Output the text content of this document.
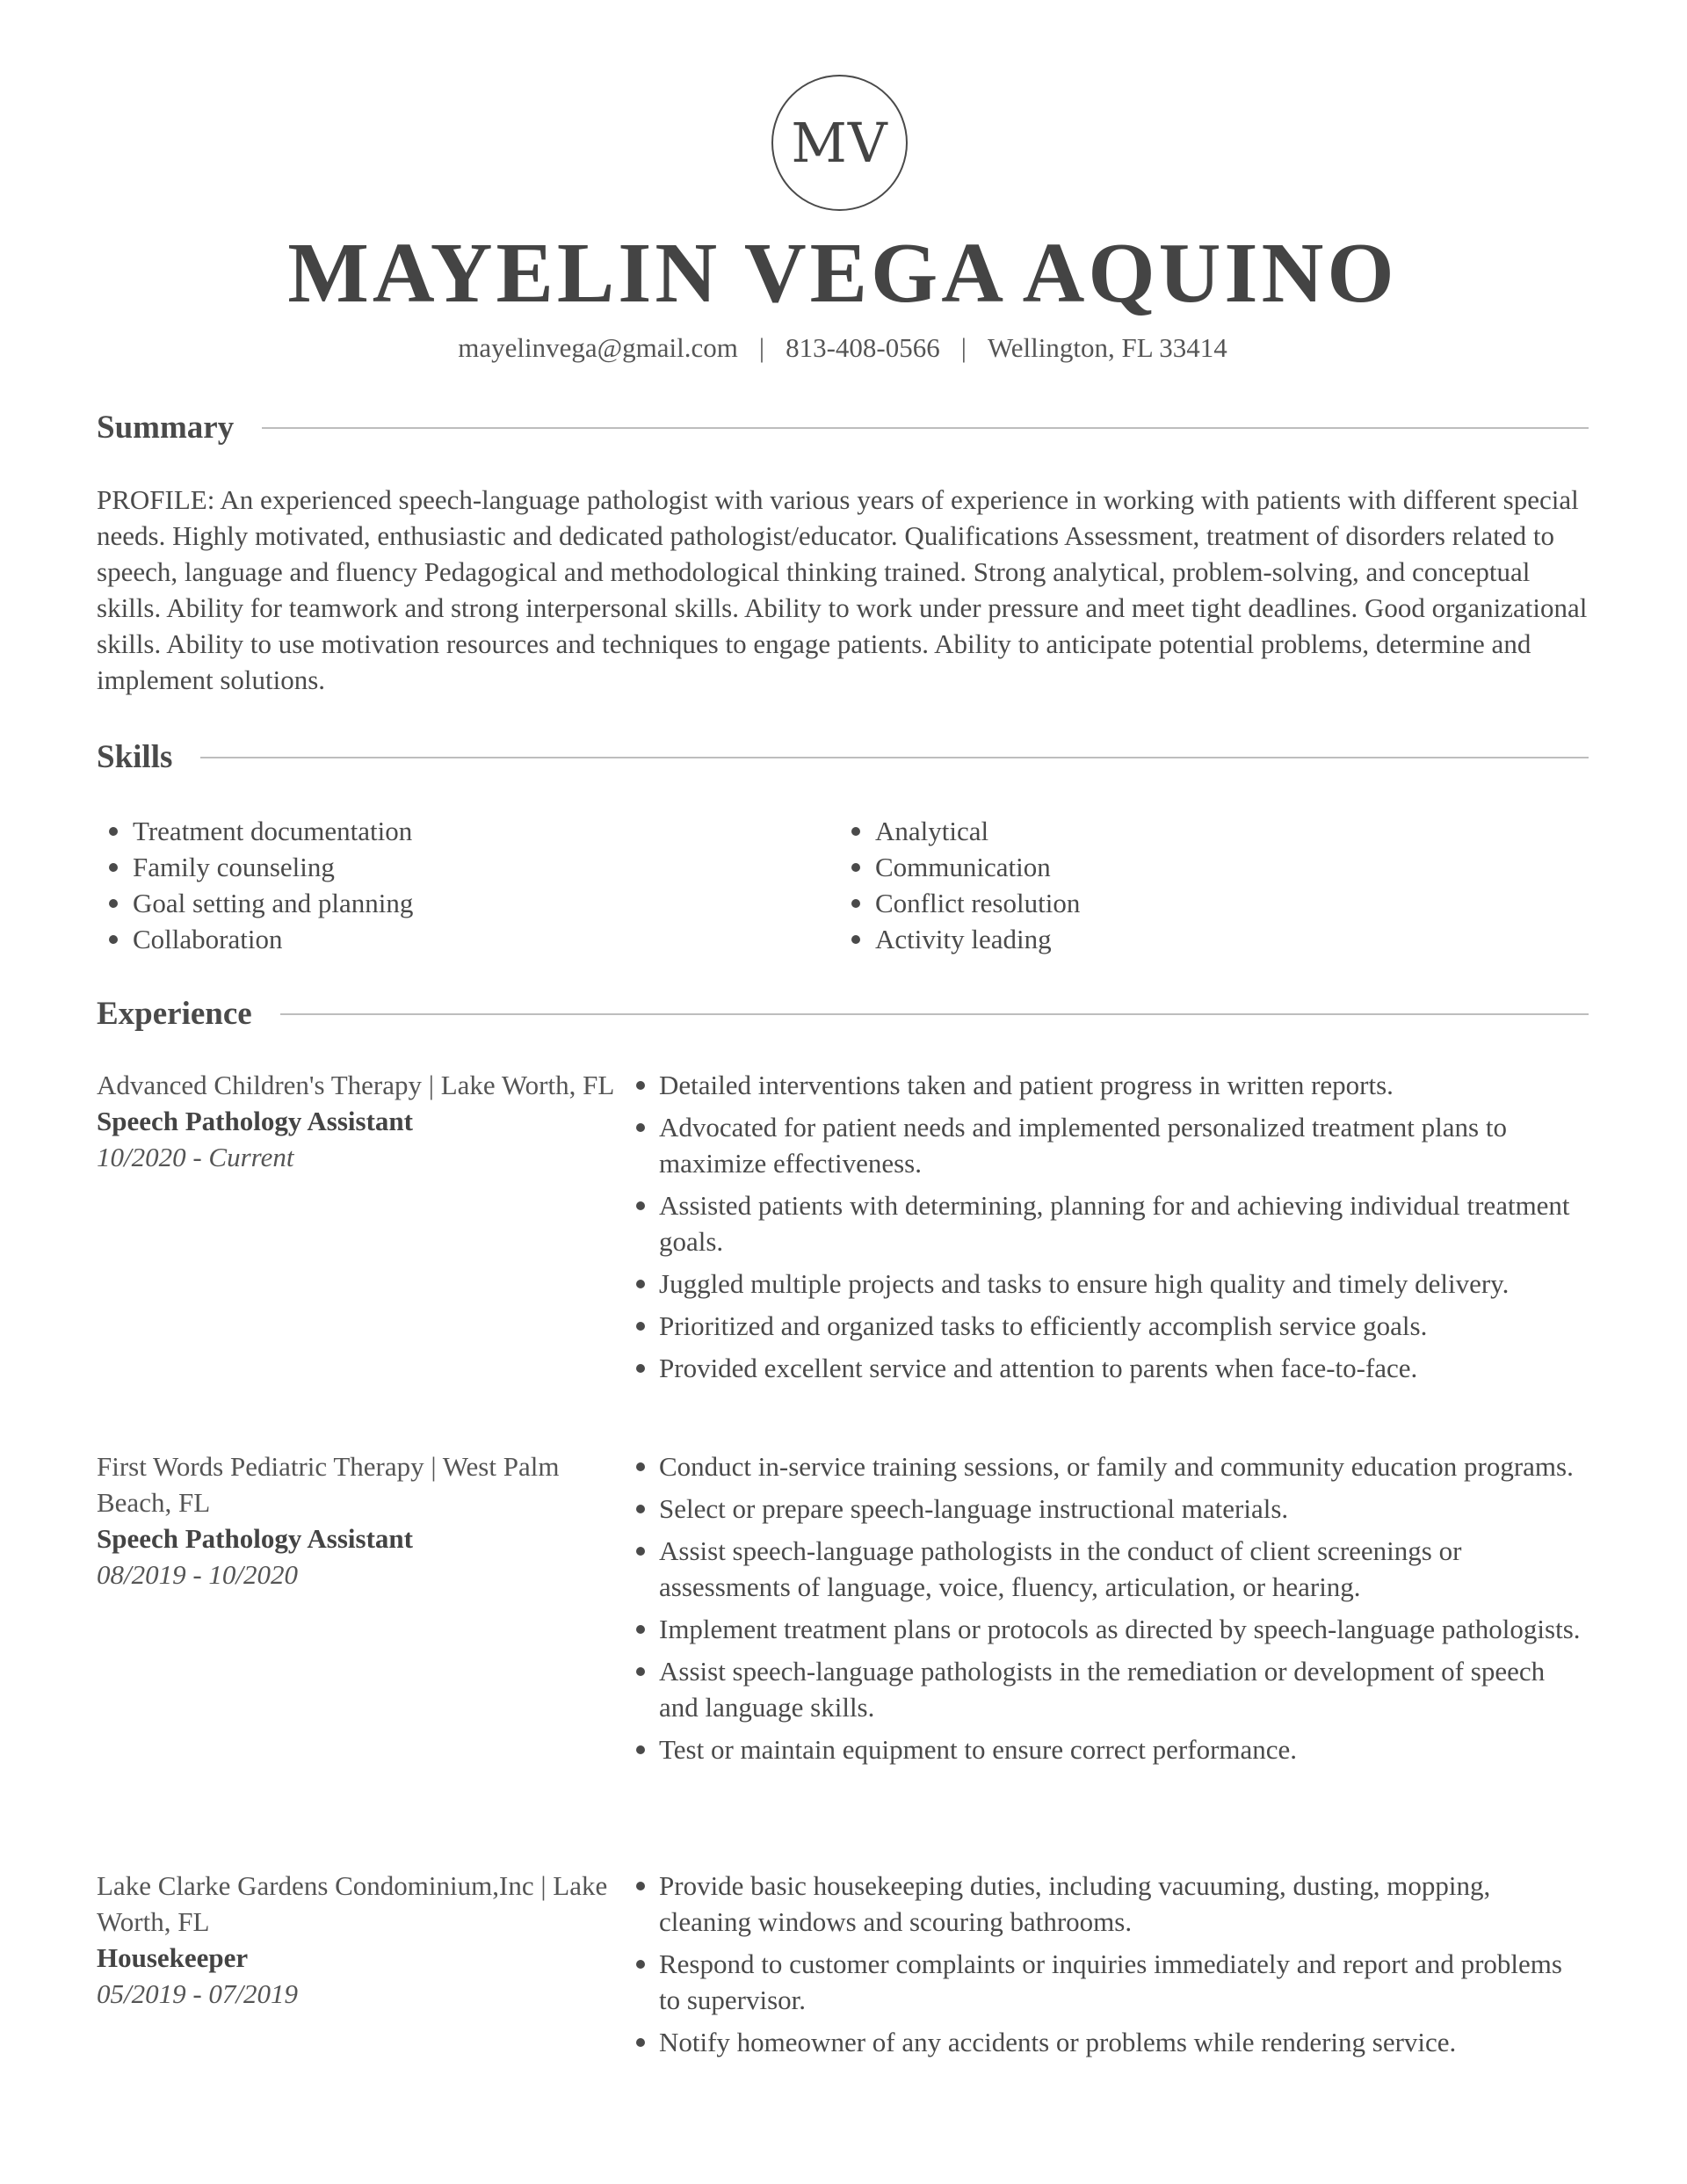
MV
MAYELIN VEGA AQUINO
mayelinvega@gmail.com | 813-408-0566 | Wellington, FL 33414
Summary
PROFILE: An experienced speech-language pathologist with various years of experience in working with patients with different special needs. Highly motivated, enthusiastic and dedicated pathologist/educator. Qualifications Assessment, treatment of disorders related to speech, language and fluency Pedagogical and methodological thinking trained. Strong analytical, problem-solving, and conceptual skills. Ability for teamwork and strong interpersonal skills. Ability to work under pressure and meet tight deadlines. Good organizational skills. Ability to use motivation resources and techniques to engage patients. Ability to anticipate potential problems, determine and implement solutions.
Skills
Treatment documentation
Family counseling
Goal setting and planning
Collaboration
Analytical
Communication
Conflict resolution
Activity leading
Experience
Advanced Children's Therapy | Lake Worth, FL
Speech Pathology Assistant
10/2020 - Current
Detailed interventions taken and patient progress in written reports.
Advocated for patient needs and implemented personalized treatment plans to maximize effectiveness.
Assisted patients with determining, planning for and achieving individual treatment goals.
Juggled multiple projects and tasks to ensure high quality and timely delivery.
Prioritized and organized tasks to efficiently accomplish service goals.
Provided excellent service and attention to parents when face-to-face.
First Words Pediatric Therapy | West Palm Beach, FL
Speech Pathology Assistant
08/2019 - 10/2020
Conduct in-service training sessions, or family and community education programs.
Select or prepare speech-language instructional materials.
Assist speech-language pathologists in the conduct of client screenings or assessments of language, voice, fluency, articulation, or hearing.
Implement treatment plans or protocols as directed by speech-language pathologists.
Assist speech-language pathologists in the remediation or development of speech and language skills.
Test or maintain equipment to ensure correct performance.
Lake Clarke Gardens Condominium,Inc | Lake Worth, FL
Housekeeper
05/2019 - 07/2019
Provide basic housekeeping duties, including vacuuming, dusting, mopping, cleaning windows and scouring bathrooms.
Respond to customer complaints or inquiries immediately and report and problems to supervisor.
Notify homeowner of any accidents or problems while rendering service.
